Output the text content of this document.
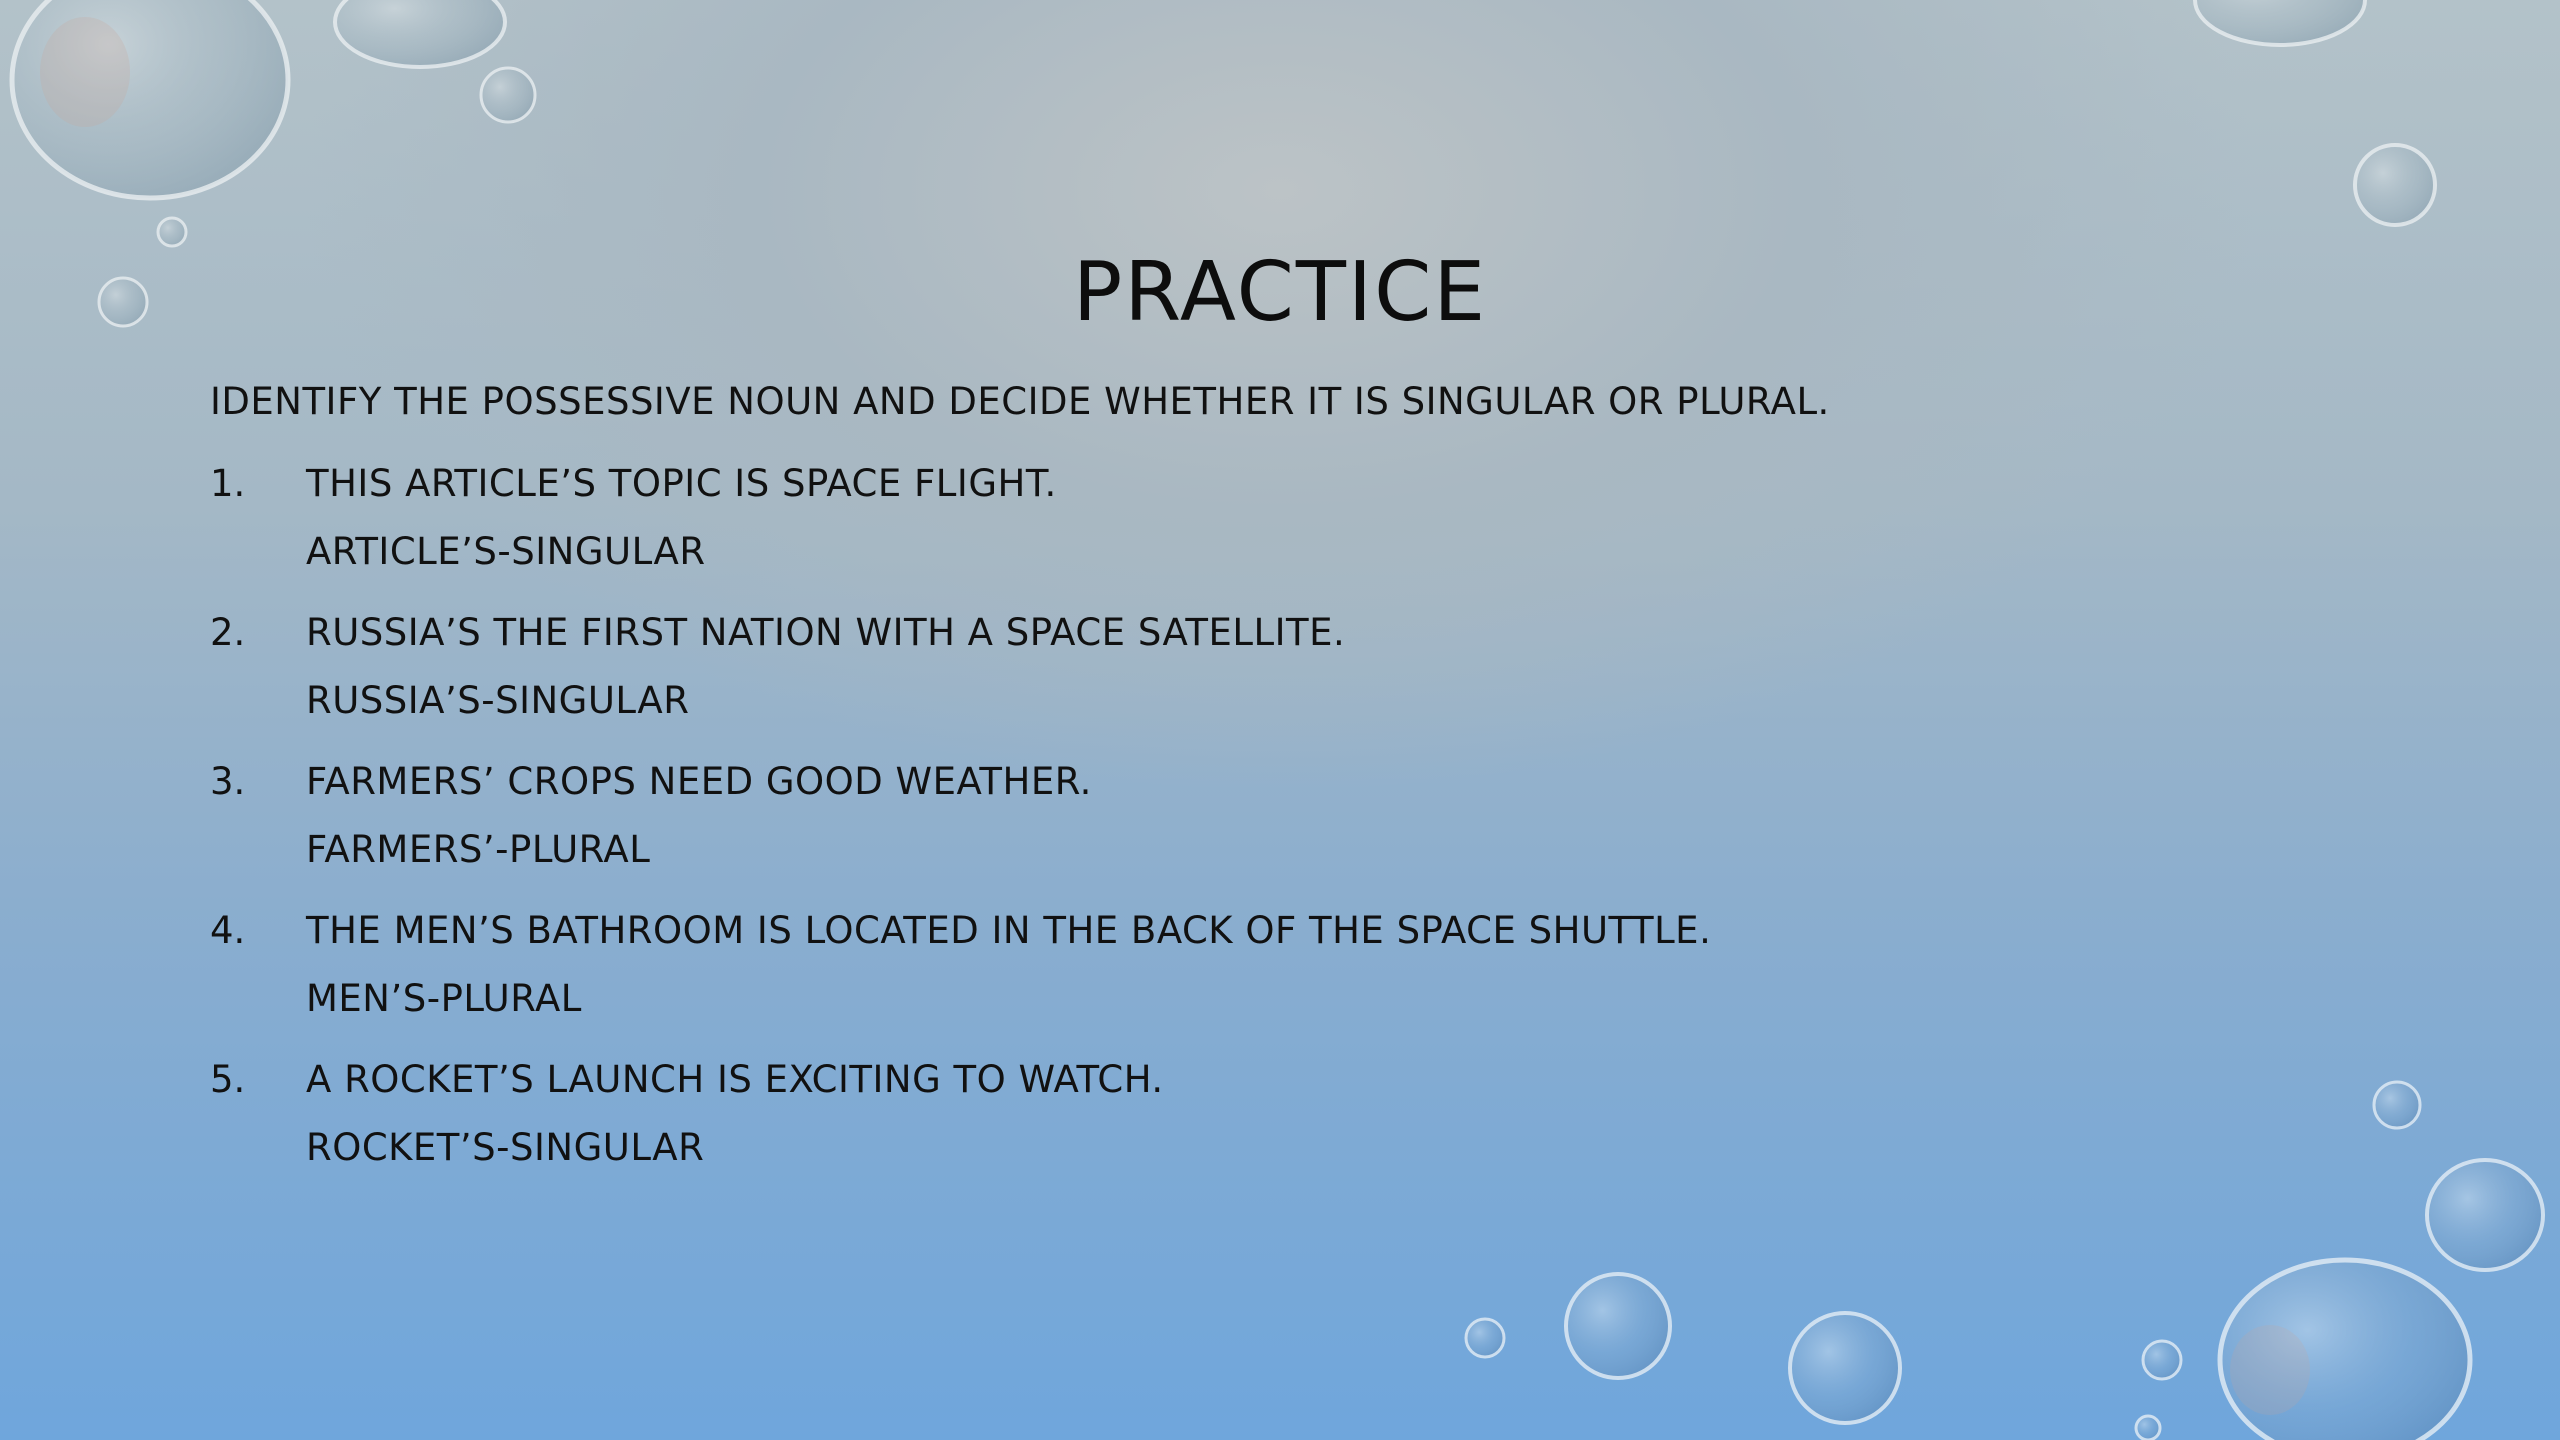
PRACTICE
IDENTIFY THE POSSESSIVE NOUN AND DECIDE WHETHER IT IS SINGULAR OR PLURAL.
1. THIS ARTICLE’S TOPIC IS SPACE FLIGHT.
ARTICLE’S-SINGULAR
2. RUSSIA’S THE FIRST NATION WITH A SPACE SATELLITE.
RUSSIA’S-SINGULAR
3. FARMERS’ CROPS NEED GOOD WEATHER.
FARMERS’-PLURAL
4. THE MEN’S BATHROOM IS LOCATED IN THE BACK OF THE SPACE SHUTTLE.
MEN’S-PLURAL
5. A ROCKET’S LAUNCH IS EXCITING TO WATCH.
ROCKET’S-SINGULAR
